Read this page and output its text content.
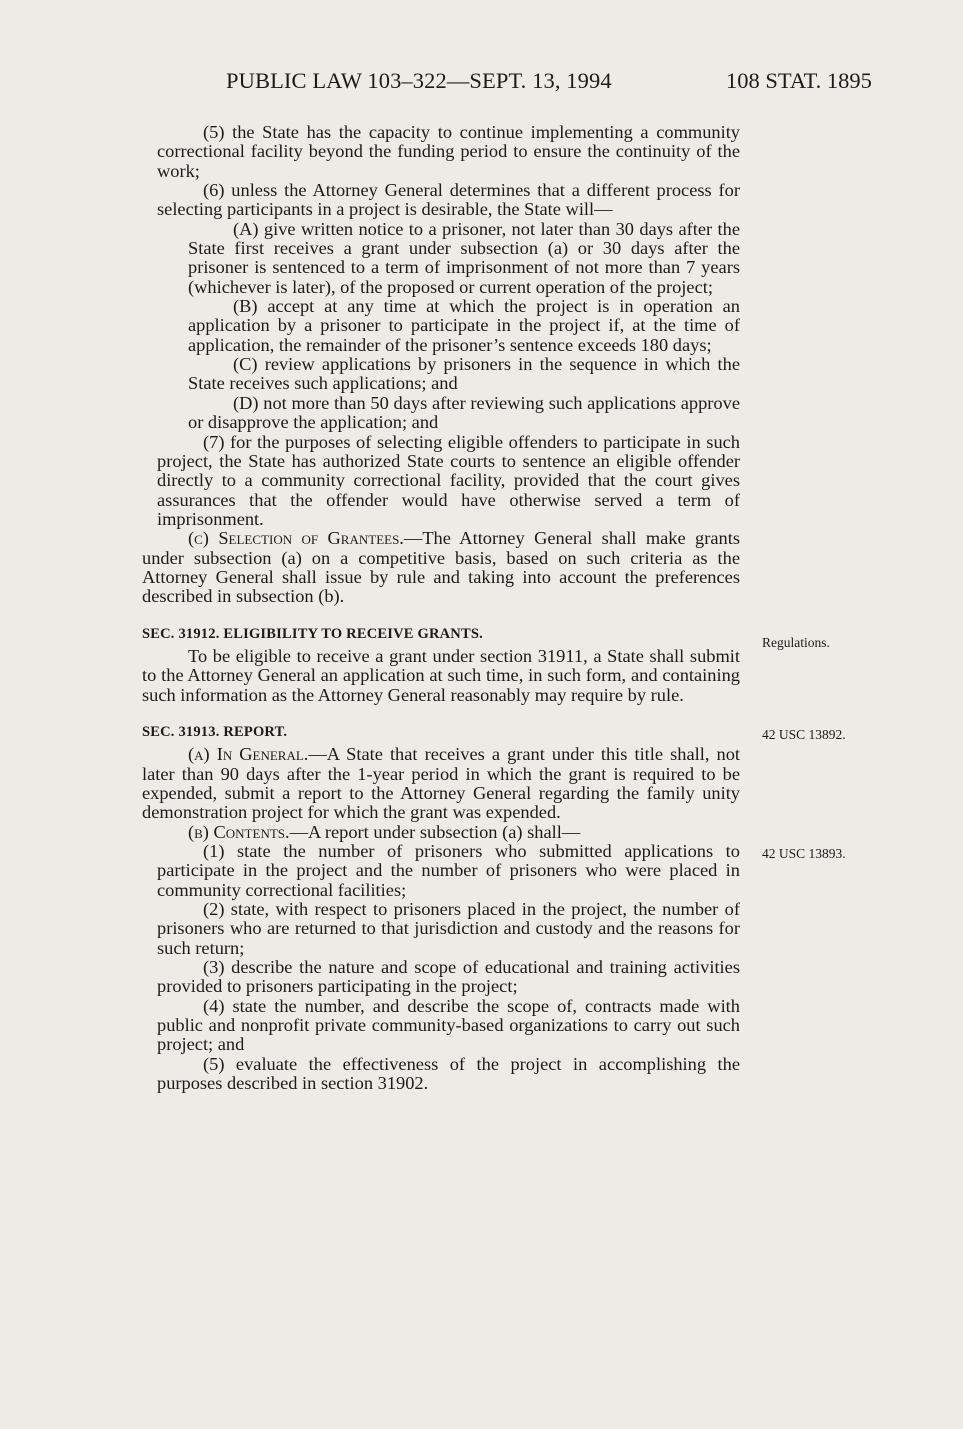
PUBLIC LAW 103–322—SEPT. 13, 1994	108 STAT. 1895

(5) the State has the capacity to continue implementing a community correctional facility beyond the funding period to ensure the continuity of the work;

(6) unless the Attorney General determines that a different process for selecting participants in a project is desirable, the State will—

(A) give written notice to a prisoner, not later than 30 days after the State first receives a grant under subsection (a) or 30 days after the prisoner is sentenced to a term of imprisonment of not more than 7 years (whichever is later), of the proposed or current operation of the project;

(B) accept at any time at which the project is in operation an application by a prisoner to participate in the project if, at the time of application, the remainder of the prisoner’s sentence exceeds 180 days;

(C) review applications by prisoners in the sequence in which the State receives such applications; and

(D) not more than 50 days after reviewing such applications approve or disapprove the application; and

(7) for the purposes of selecting eligible offenders to participate in such project, the State has authorized State courts to sentence an eligible offender directly to a community correctional facility, provided that the court gives assurances that the offender would have otherwise served a term of imprisonment.

(c) Selection of Grantees.—The Attorney General shall make grants under subsection (a) on a competitive basis, based on such criteria as the Attorney General shall issue by rule and taking into account the preferences described in subsection (b).

SEC. 31912. ELIGIBILITY TO RECEIVE GRANTS.

To be eligible to receive a grant under section 31911, a State shall submit to the Attorney General an application at such time, in such form, and containing such information as the Attorney General reasonably may require by rule.

SEC. 31913. REPORT.

(a) In General.—A State that receives a grant under this title shall, not later than 90 days after the 1-year period in which the grant is required to be expended, submit a report to the Attorney General regarding the family unity demonstration project for which the grant was expended.

(b) Contents.—A report under subsection (a) shall—

(1) state the number of prisoners who submitted applications to participate in the project and the number of prisoners who were placed in community correctional facilities;

(2) state, with respect to prisoners placed in the project, the number of prisoners who are returned to that jurisdiction and custody and the reasons for such return;

(3) describe the nature and scope of educational and training activities provided to prisoners participating in the project;

(4) state the number, and describe the scope of, contracts made with public and nonprofit private community-based organizations to carry out such project; and

(5) evaluate the effectiveness of the project in accomplishing the purposes described in section 31902.

Regulations.
42 USC 13892.
42 USC 13893.
